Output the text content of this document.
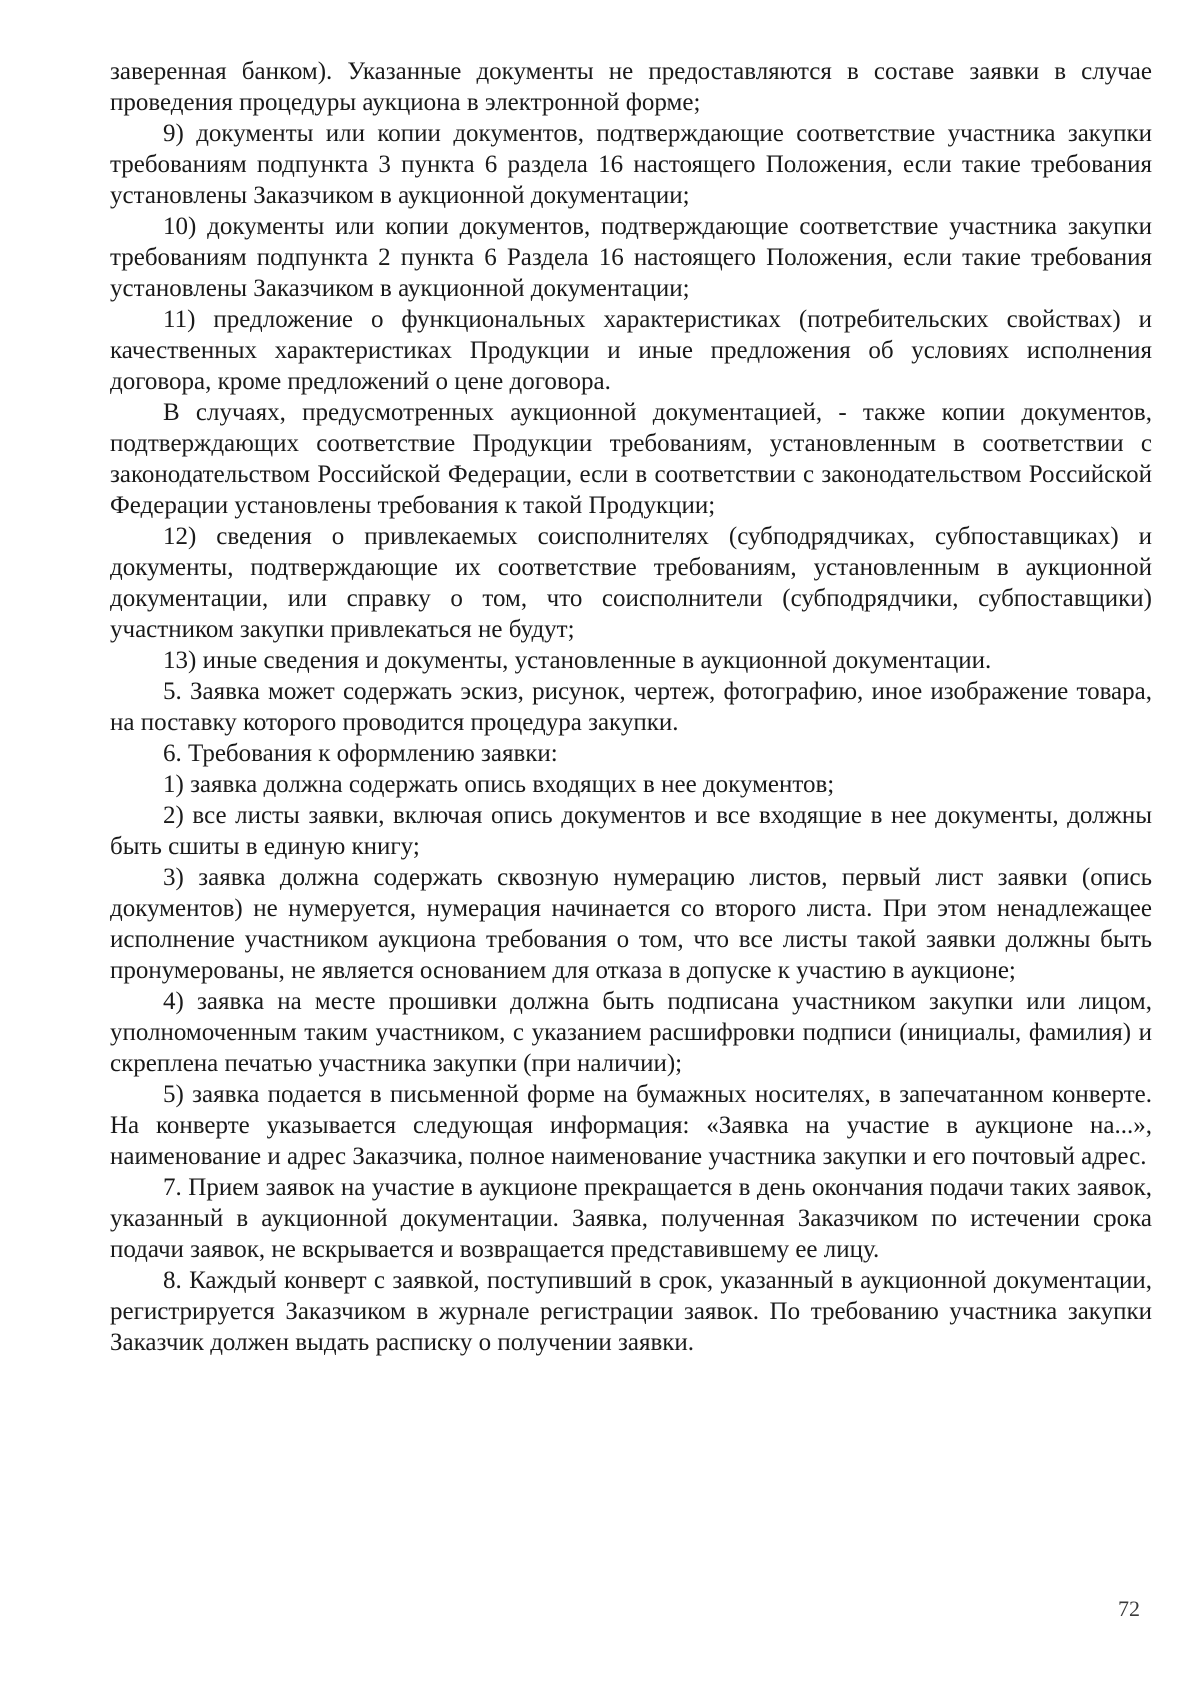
заверенная банком). Указанные документы не предоставляются в составе заявки в случае проведения процедуры аукциона в электронной форме;

9) документы или копии документов, подтверждающие соответствие участника закупки требованиям подпункта 3 пункта 6 раздела 16 настоящего Положения, если такие требования установлены Заказчиком в аукционной документации;

10) документы или копии документов, подтверждающие соответствие участника закупки требованиям подпункта 2 пункта 6 Раздела 16 настоящего Положения, если такие требования установлены Заказчиком в аукционной документации;

11) предложение о функциональных характеристиках (потребительских свойствах) и качественных характеристиках Продукции и иные предложения об условиях исполнения договора, кроме предложений о цене договора.

В случаях, предусмотренных аукционной документацией, - также копии документов, подтверждающих соответствие Продукции требованиям, установленным в соответствии с законодательством Российской Федерации, если в соответствии с законодательством Российской Федерации установлены требования к такой Продукции;

12) сведения о привлекаемых соисполнителях (субподрядчиках, субпоставщиках) и документы, подтверждающие их соответствие требованиям, установленным в аукционной документации, или справку о том, что соисполнители (субподрядчики, субпоставщики) участником закупки привлекаться не будут;

13) иные сведения и документы, установленные в аукционной документации.

5. Заявка может содержать эскиз, рисунок, чертеж, фотографию, иное изображение товара, на поставку которого проводится процедура закупки.

6. Требования к оформлению заявки:

1) заявка должна содержать опись входящих в нее документов;

2) все листы заявки, включая опись документов и все входящие в нее документы, должны быть сшиты в единую книгу;

3) заявка должна содержать сквозную нумерацию листов, первый лист заявки (опись документов) не нумеруется, нумерация начинается со второго листа. При этом ненадлежащее исполнение участником аукциона требования о том, что все листы такой заявки должны быть пронумерованы, не является основанием для отказа в допуске к участию в аукционе;

4) заявка на месте прошивки должна быть подписана участником закупки или лицом, уполномоченным таким участником, с указанием расшифровки подписи (инициалы, фамилия) и скреплена печатью участника закупки (при наличии);

5) заявка подается в письменной форме на бумажных носителях, в запечатанном конверте. На конверте указывается следующая информация: «Заявка на участие в аукционе на...», наименование и адрес Заказчика, полное наименование участника закупки и его почтовый адрес.

7. Прием заявок на участие в аукционе прекращается в день окончания подачи таких заявок, указанный в аукционной документации. Заявка, полученная Заказчиком по истечении срока подачи заявок, не вскрывается и возвращается представившему ее лицу.

8. Каждый конверт с заявкой, поступивший в срок, указанный в аукционной документации, регистрируется Заказчиком в журнале регистрации заявок. По требованию участника закупки Заказчик должен выдать расписку о получении заявки.

72
